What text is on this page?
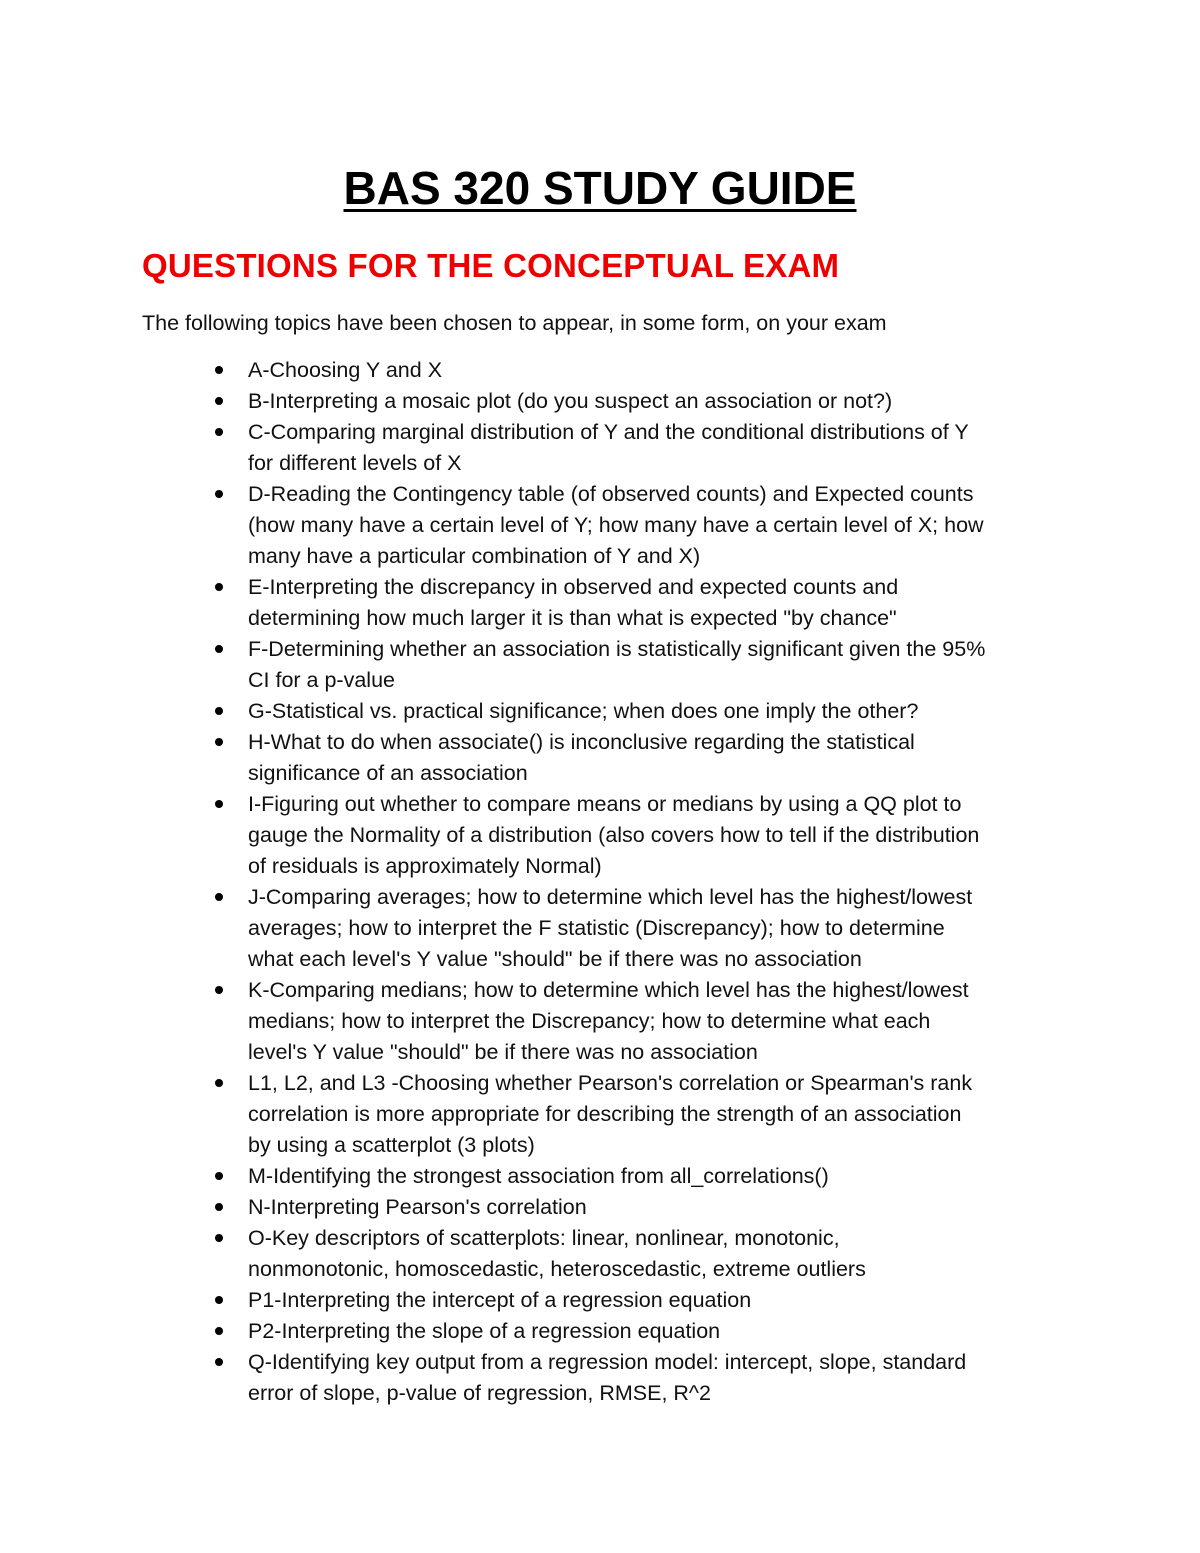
BAS 320 STUDY GUIDE
QUESTIONS FOR THE CONCEPTUAL EXAM

The following topics have been chosen to appear, in some form, on your exam

A-Choosing Y and X
B-Interpreting a mosaic plot (do you suspect an association or not?)
C-Comparing marginal distribution of Y and the conditional distributions of Y
for different levels of X
D-Reading the Contingency table (of observed counts) and Expected counts
(how many have a certain level of Y; how many have a certain level of X; how
many have a particular combination of Y and X)
E-Interpreting the discrepancy in observed and expected counts and
determining how much larger it is than what is expected "by chance"
F-Determining whether an association is statistically significant given the 95%
CI for a p-value
G-Statistical vs. practical significance; when does one imply the other?
H-What to do when associate() is inconclusive regarding the statistical
significance of an association
I-Figuring out whether to compare means or medians by using a QQ plot to
gauge the Normality of a distribution (also covers how to tell if the distribution
of residuals is approximately Normal)
J-Comparing averages; how to determine which level has the highest/lowest
averages; how to interpret the F statistic (Discrepancy); how to determine
what each level's Y value "should" be if there was no association
K-Comparing medians; how to determine which level has the highest/lowest
medians; how to interpret the Discrepancy; how to determine what each
level's Y value "should" be if there was no association
L1, L2, and L3 -Choosing whether Pearson's correlation or Spearman's rank
correlation is more appropriate for describing the strength of an association
by using a scatterplot (3 plots)
M-Identifying the strongest association from all_correlations()
N-Interpreting Pearson's correlation
O-Key descriptors of scatterplots: linear, nonlinear, monotonic,
nonmonotonic, homoscedastic, heteroscedastic, extreme outliers
P1-Interpreting the intercept of a regression equation
P2-Interpreting the slope of a regression equation
Q-Identifying key output from a regression model: intercept, slope, standard
error of slope, p-value of regression, RMSE, R^2
